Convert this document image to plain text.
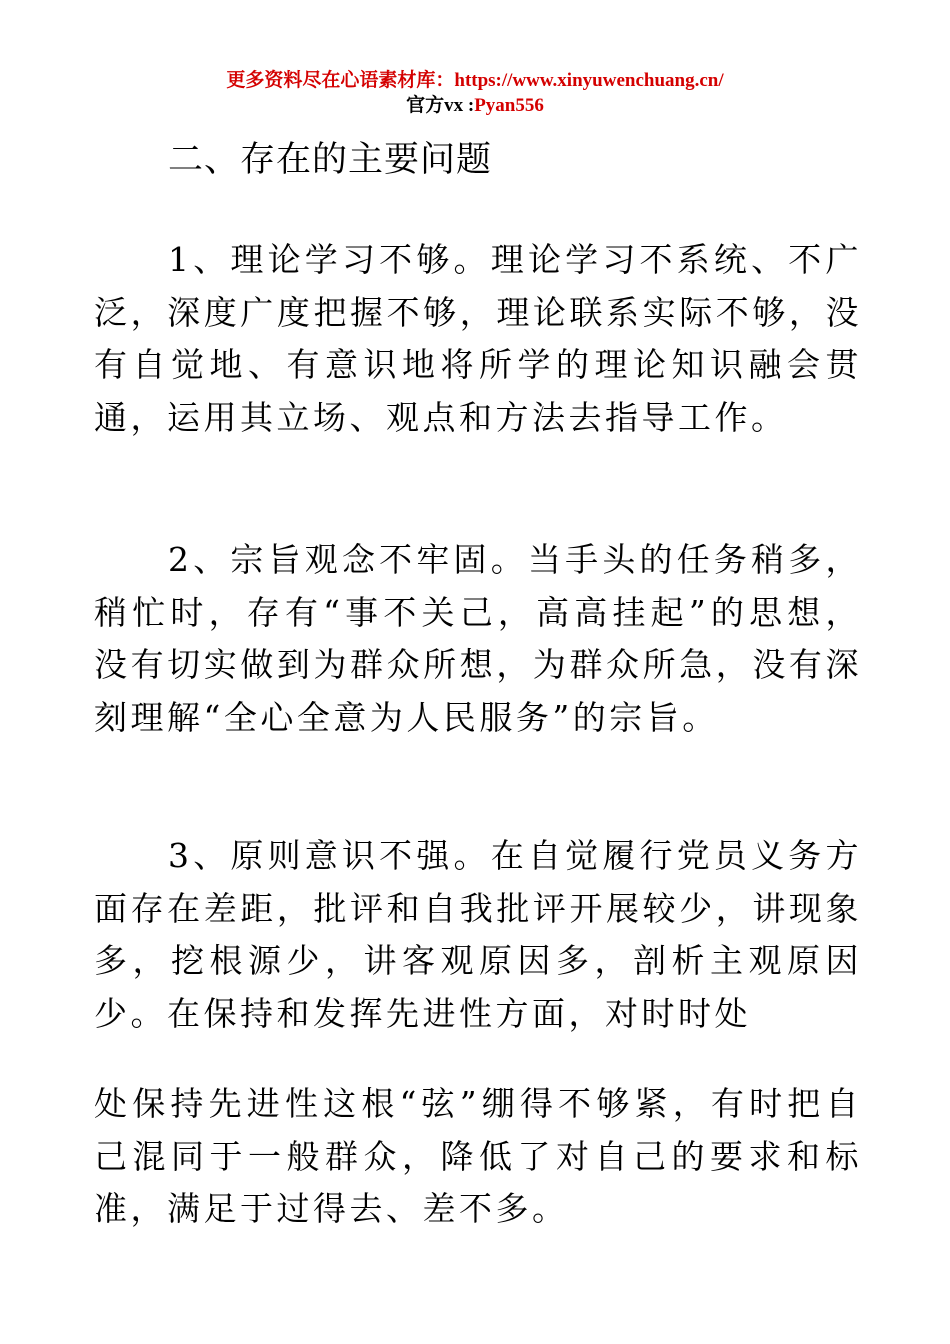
更多资料尽在心语素材库：https://www.xinyuwenchuang.cn/
官方vx :Pyan556
二、存在的主要问题

1、理论学习不够。理论学习不系统、不广泛，深度广度把握不够，理论联系实际不够，没有自觉地、有意识地将所学的理论知识融会贯通，运用其立场、观点和方法去指导工作。

2、宗旨观念不牢固。当手头的任务稍多，稍忙时，存有“事不关己，高高挂起”的思想，没有切实做到为群众所想，为群众所急，没有深刻理解“全心全意为人民服务”的宗旨。

3、原则意识不强。在自觉履行党员义务方面存在差距，批评和自我批评开展较少，讲现象多，挖根源少，讲客观原因多，剖析主观原因少。在保持和发挥先进性方面，对时时处

处保持先进性这根“弦”绷得不够紧，有时把自己混同于一般群众，降低了对自己的要求和标准，满足于过得去、差不多。
